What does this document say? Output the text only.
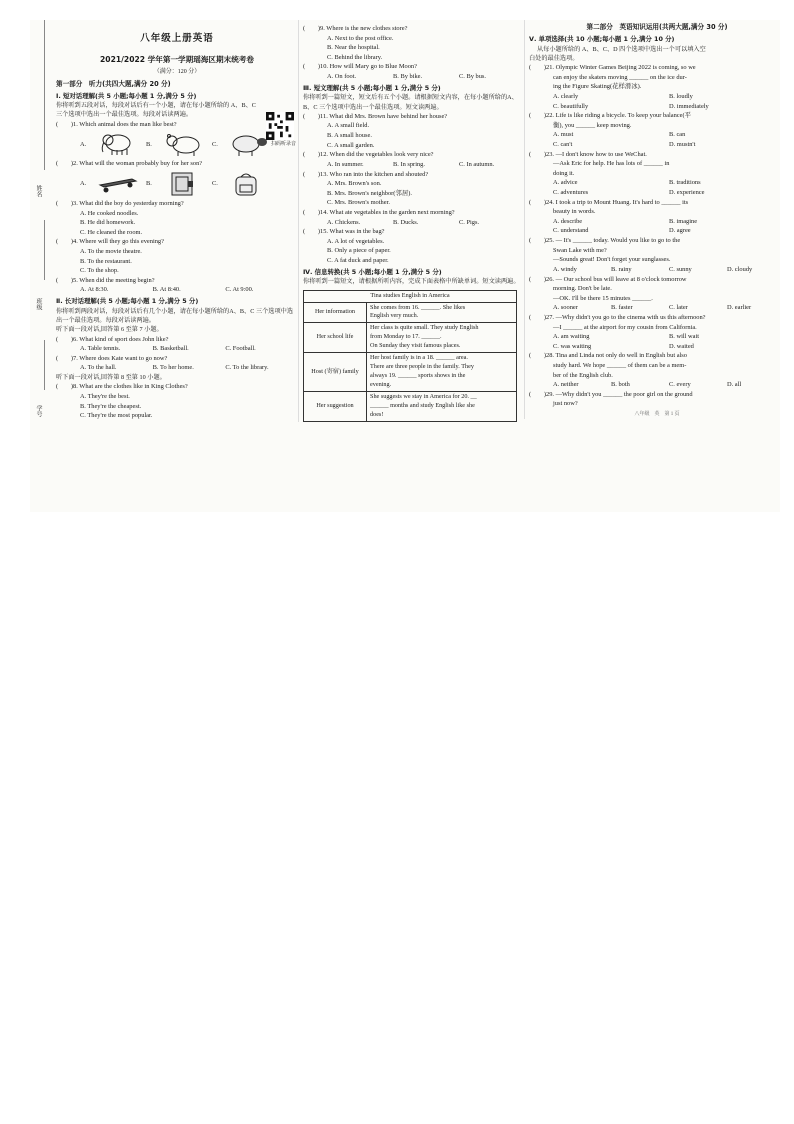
姓名
班级
学号
八年级上册英语
2021/2022 学年第一学期瑶海区期末统考卷
（满分：120 分）
第一部分　听力(共四大题,满分 20 分)
Ⅰ. 短对话理解(共 5 小题;每小题 1 分,满分 5 分)
你将听到五段对话，每段对话后有一个小题，请在每小题所给的 A、B、C 三个选项中选出一个最佳选项。每段对话读两遍。
扫码听录音
(　　)1. Which animal does the man like best?
A.	B.	C.
(　　)2. What will the woman probably buy for her son?
A.	B.	C.
(　　)3. What did the boy do yesterday morning?
A. He cooked noodles.
B. He did homework.
C. He cleaned the room.
(　　)4. Where will they go this evening?
A. To the movie theatre.
B. To the restaurant.
C. To the shop.
(　　)5. When did the meeting begin?
A. At 8:30.	B. At 8:40.	C. At 9:00.
Ⅱ. 长对话理解(共 5 小题;每小题 1 分,满分 5 分)
你将听到两段对话，每段对话后有几个小题，请在每小题所给的A、B、C 三个选项中选出一个最佳选项。每段对话读两遍。
听下面一段对话,回答第 6 至第 7 小题。
(　　)6. What kind of sport does John like?
A. Table tennis.	B. Basketball.	C. Football.
(　　)7. Where does Kate want to go now?
A. To the hall.	B. To her home.	C. To the library.
听下面一段对话,回答第 8 至第 10 小题。
(　　)8. What are the clothes like in King Clothes?
A. They're the best.
B. They're the cheapest.
C. They're the most popular.
(　　)9. Where is the new clothes store?
A. Next to the post office.
B. Near the hospital.
C. Behind the library.
(　　)10. How will Mary go to Blue Moon?
A. On foot.	B. By bike.	C. By bus.
Ⅲ. 短文理解(共 5 小题;每小题 1 分,满分 5 分)
你将听到一篇短文，短文后有五个小题。请根据短文内容，在每小题所给的A、B、C 三个选项中选出一个最佳选项。短文读两遍。
(　　)11. What did Mrs. Brown have behind her house?
A. A small field.
B. A small house.
C. A small garden.
(　　)12. When did the vegetables look very nice?
A. In summer.	B. In spring.	C. In autumn.
(　　)13. Who ran into the kitchen and shouted?
A. Mrs. Brown's son.
B. Mrs. Brown's neighbor(邻居).
C. Mrs. Brown's mother.
(　　)14. What ate vegetables in the garden next morning?
A. Chickens.	B. Ducks.	C. Pigs.
(　　)15. What was in the bag?
A. A lot of vegetables.
B. Only a piece of paper.
C. A fat duck and paper.
Ⅳ. 信息转换(共 5 小题;每小题 1 分,满分 5 分)
你将听到一篇短文，请根据所听内容，完成下面表格中所缺单词。短文读两遍。
Tina studies English in America	
Her information	She comes from 16. ______. She likes
English very much.

Her school life	Her class is quite small. They study English
from Monday to 17. ______.
On Sunday they visit famous places.

Host (寄宿) family	Her host family is in a 18. ______ area.
There are three people in the family. They
always 19. ______ sports shows in the
evening.

Her suggestion	She suggests we stay in America for 20. __
______ months and study English like she
does!
第二部分　英语知识运用(共两大题,满分 30 分)
Ⅴ. 单项选择(共 10 小题;每小题 1 分,满分 10 分)
从每小题所给的 A、B、C、D 四个选项中选出一个可以填入空
白处的最佳选项。
(　　)21. Olympic Winter Games Beijing 2022 is coming, so we
can enjoy the skaters moving ______ on the ice dur-
ing the Figure Skating(花样滑冰).
A. clearly	B. loudly
C. beautifully	D. immediately
(　　)22. Life is like riding a bicycle. To keep your balance(平
衡), you ______ keep moving.
A. must	B. can
C. can't	D. mustn't
(　　)23. —I don't know how to use WeChat.
—Ask Eric for help. He has lots of ______ in
doing it.
A. advice	B. traditions
C. adventures	D. experience
(　　)24. I took a trip to Mount Huang. It's hard to ______ its
beauty in words.
A. describe	B. imagine
C. understand	D. agree
(　　)25. — It's ______ today. Would you like to go to the
Swan Lake with me?
—Sounds great! Don't forget your sunglasses.
A. windy	B. rainy	C. sunny	D. cloudy
(　　)26. — Our school bus will leave at 8 o'clock tomorrow
morning. Don't be late.
—OK. I'll be there 15 minutes ______.
A. sooner	B. faster	C. later	D. earlier
(　　)27. —Why didn't you go to the cinema with us this afternoon?
—I ______ at the airport for my cousin from California.
A. am waiting	B. will wait
C. was waiting	D. waited
(　　)28. Tina and Linda not only do well in English but also
study hard. We hope ______ of them can be a mem-
ber of the English club.
A. neither	B. both	C. every	D. all
(　　)29. —Why didn't you ______ the poor girl on the ground
just now?
八年级　英　第 1 页
